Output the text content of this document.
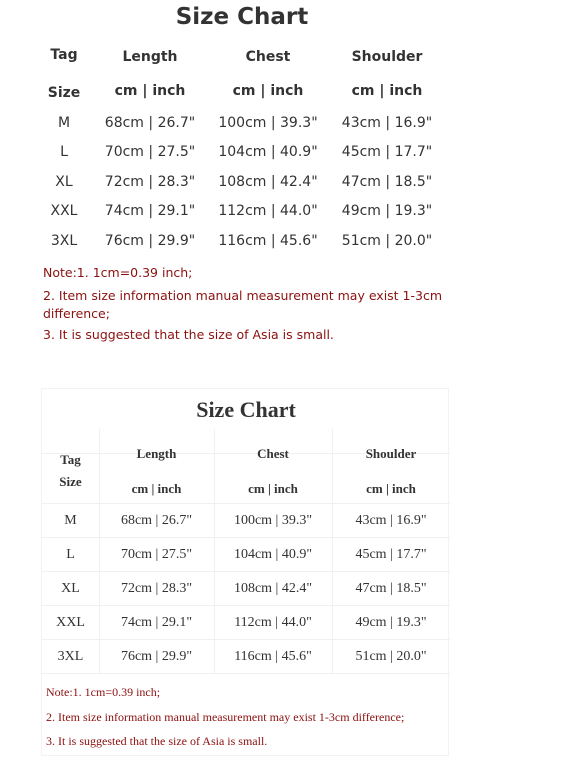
Size Chart
Tag
Size
Length	Chest	Shoulder
cm | inch	cm | inch	cm | inch
M	68cm | 26.7"	100cm | 39.3"	43cm | 16.9"
L	70cm | 27.5"	104cm | 40.9"	45cm | 17.7"
XL	72cm | 28.3"	108cm | 42.4"	47cm | 18.5"
XXL	74cm | 29.1"	112cm | 44.0"	49cm | 19.3"
3XL	76cm | 29.9"	116cm | 45.6"	51cm | 20.0"
Note:1. 1cm=0.39 inch;
2. Item size information manual measurement may exist 1-3cm difference;
3. It is suggested that the size of Asia is small.
Size Chart
Tag
Size
Length	Chest	Shoulder
cm | inch	cm | inch	cm | inch
M	68cm | 26.7"	100cm | 39.3"	43cm | 16.9"
L	70cm | 27.5"	104cm | 40.9"	45cm | 17.7"
XL	72cm | 28.3"	108cm | 42.4"	47cm | 18.5"
XXL	74cm | 29.1"	112cm | 44.0"	49cm | 19.3"
3XL	76cm | 29.9"	116cm | 45.6"	51cm | 20.0"
Note:1. 1cm=0.39 inch;
2. Item size information manual measurement may exist 1-3cm difference;
3. It is suggested that the size of Asia is small.
